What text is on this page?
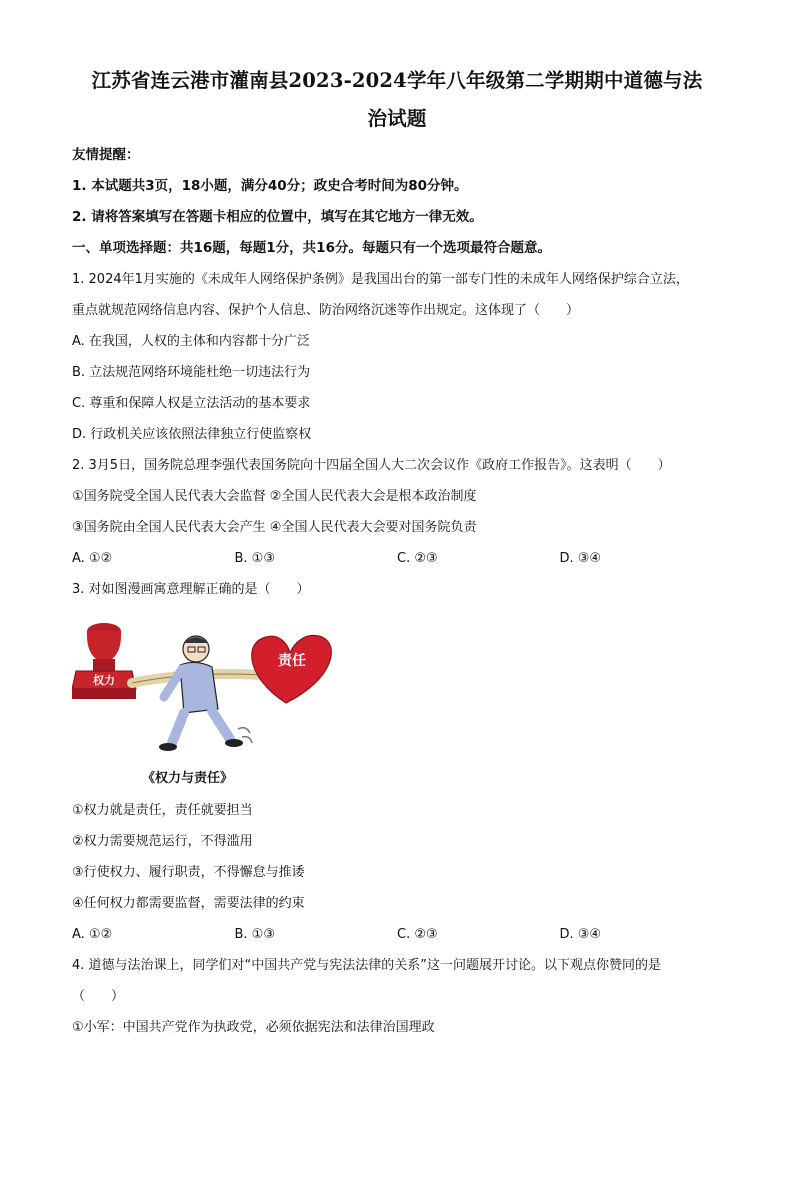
江苏省连云港市灌南县2023-2024学年八年级第二学期期中道德与法
治试题
友情提醒：
1. 本试题共3页，18小题，满分40分；政史合考时间为80分钟。
2. 请将答案填写在答题卡相应的位置中，填写在其它地方一律无效。
一、单项选择题：共16题，每题1分，共16分。每题只有一个选项最符合题意。
1. 2024年1月实施的《未成年人网络保护条例》是我国出台的第一部专门性的未成年人网络保护综合立法，
重点就规范网络信息内容、保护个人信息、防治网络沉迷等作出规定。这体现了（　　）
A. 在我国，人权的主体和内容都十分广泛
B. 立法规范网络环境能杜绝一切违法行为
C. 尊重和保障人权是立法活动的基本要求
D. 行政机关应该依照法律独立行使监察权
2. 3月5日，国务院总理李强代表国务院向十四届全国人大二次会议作《政府工作报告》。这表明（　　）
①国务院受全国人民代表大会监督 ②全国人民代表大会是根本政治制度
③国务院由全国人民代表大会产生 ④全国人民代表大会要对国务院负责
A. ①②	B. ①③	C. ②③	D. ③④
3. 对如图漫画寓意理解正确的是（　　）
权力
责任
《权力与责任》
①权力就是责任，责任就要担当
②权力需要规范运行，不得滥用
③行使权力、履行职责，不得懈怠与推诿
④任何权力都需要监督，需要法律的约束
A. ①②	B. ①③	C. ②③	D. ③④
4. 道德与法治课上，同学们对“中国共产党与宪法法律的关系”这一问题展开讨论。以下观点你赞同的是
（　　）
①小军：中国共产党作为执政党，必须依据宪法和法律治国理政
